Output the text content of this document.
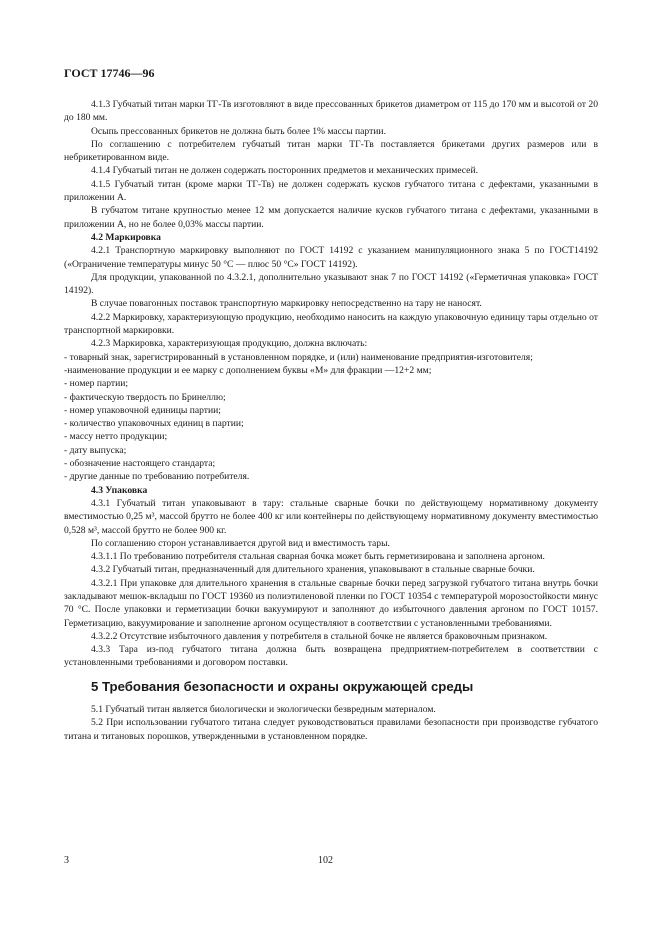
ГОСТ 17746—96

4.1.3 Губчатый титан марки ТГ-Тв изготовляют в виде прессованных брикетов диаметром от 115 до 170 мм и высотой от 20 до 180 мм.

Осыпь прессованных брикетов не должна быть более 1% массы партии.

По соглашению с потребителем губчатый титан марки ТГ-Тв поставляется брикетами других размеров или в небрикетированном виде.

4.1.4 Губчатый титан не должен содержать посторонних предметов и механических примесей.

4.1.5 Губчатый титан (кроме марки ТГ-Тв) не должен содержать кусков губчатого титана с дефектами, указанными в приложении А.

В губчатом титане крупностью менее 12 мм допускается наличие кусков губчатого титана с дефектами, указанными в приложении А, но не более 0,03% массы партии.

4.2 Маркировка

4.2.1 Транспортную маркировку выполняют по ГОСТ 14192 с указанием манипуляционного знака 5 по ГОСТ14192 («Ограничение температуры минус 50 °С — плюс 50 °С» ГОСТ 14192).

Для продукции, упакованной по 4.3.2.1, дополнительно указывают знак 7 по ГОСТ 14192 («Герметичная упаковка» ГОСТ 14192).

В случае повагонных поставок транспортную маркировку непосредственно на тару не наносят.

4.2.2 Маркировку, характеризующую продукцию, необходимо наносить на каждую упаковочную единицу тары отдельно от транспортной маркировки.

4.2.3 Маркировка, характеризующая продукцию, должна включать:

- товарный знак, зарегистрированный в установленном порядке, и (или) наименование предприятия-изготовителя;

-наименование продукции и ее марку с дополнением буквы «М» для фракции —12+2 мм;

- номер партии;

- фактическую твердость по Бринеллю;

- номер упаковочной единицы партии;

- количество упаковочных единиц в партии;

- массу нетто продукции;

- дату выпуска;

- обозначение настоящего стандарта;

- другие данные по требованию потребителя.

4.3 Упаковка

4.3.1 Губчатый титан упаковывают в тару: стальные сварные бочки по действующему нормативному документу вместимостью 0,25 м³, массой брутто не более 400 кг или контейнеры по действующему нормативному документу вместимостью 0,528 м³, массой брутто не более 900 кг.

По соглашению сторон устанавливается другой вид и вместимость тары.

4.3.1.1 По требованию потребителя стальная сварная бочка может быть герметизирована и заполнена аргоном.

4.3.2 Губчатый титан, предназначенный для длительного хранения, упаковывают в стальные сварные бочки.

4.3.2.1 При упаковке для длительного хранения в стальные сварные бочки перед загрузкой губчатого титана внутрь бочки закладывают мешок-вкладыш по ГОСТ 19360 из полиэтиленовой пленки по ГОСТ 10354 с температурой морозостойкости минус 70 °С. После упаковки и герметизации бочки вакуумируют и заполняют до избыточного давления аргоном по ГОСТ 10157. Герметизацию, вакуумирование и заполнение аргоном осуществляют в соответствии с установленными требованиями.

4.3.2.2 Отсутствие избыточного давления у потребителя в стальной бочке не является браковочным признаком.

4.3.3 Тара из-под губчатого титана должна быть возвращена предприятием-потребителем в соответствии с установленными требованиями и договором поставки.

5 Требования безопасности и охраны окружающей среды

5.1 Губчатый титан является биологически и экологически безвредным материалом.

5.2 При использовании губчатого титана следует руководствоваться правилами безопасности при производстве губчатого титана и титановых порошков, утвержденными в установленном порядке.

3	102
